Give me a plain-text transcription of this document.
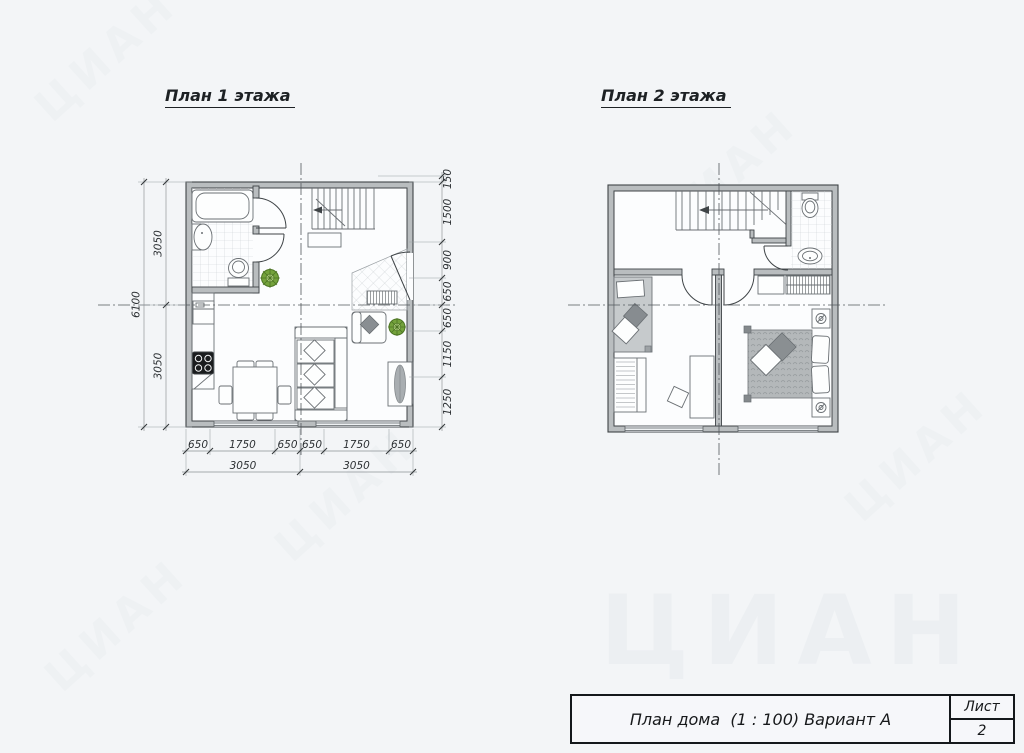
ЦИАН
План 1 этажа	План 2 этажа
3050
3050
6100
150
1500
900
650
650
1150
1250
650 1750 650 650 1750 650
3050	3050
План дома  (1 : 100) Вариант А
Лист
2
